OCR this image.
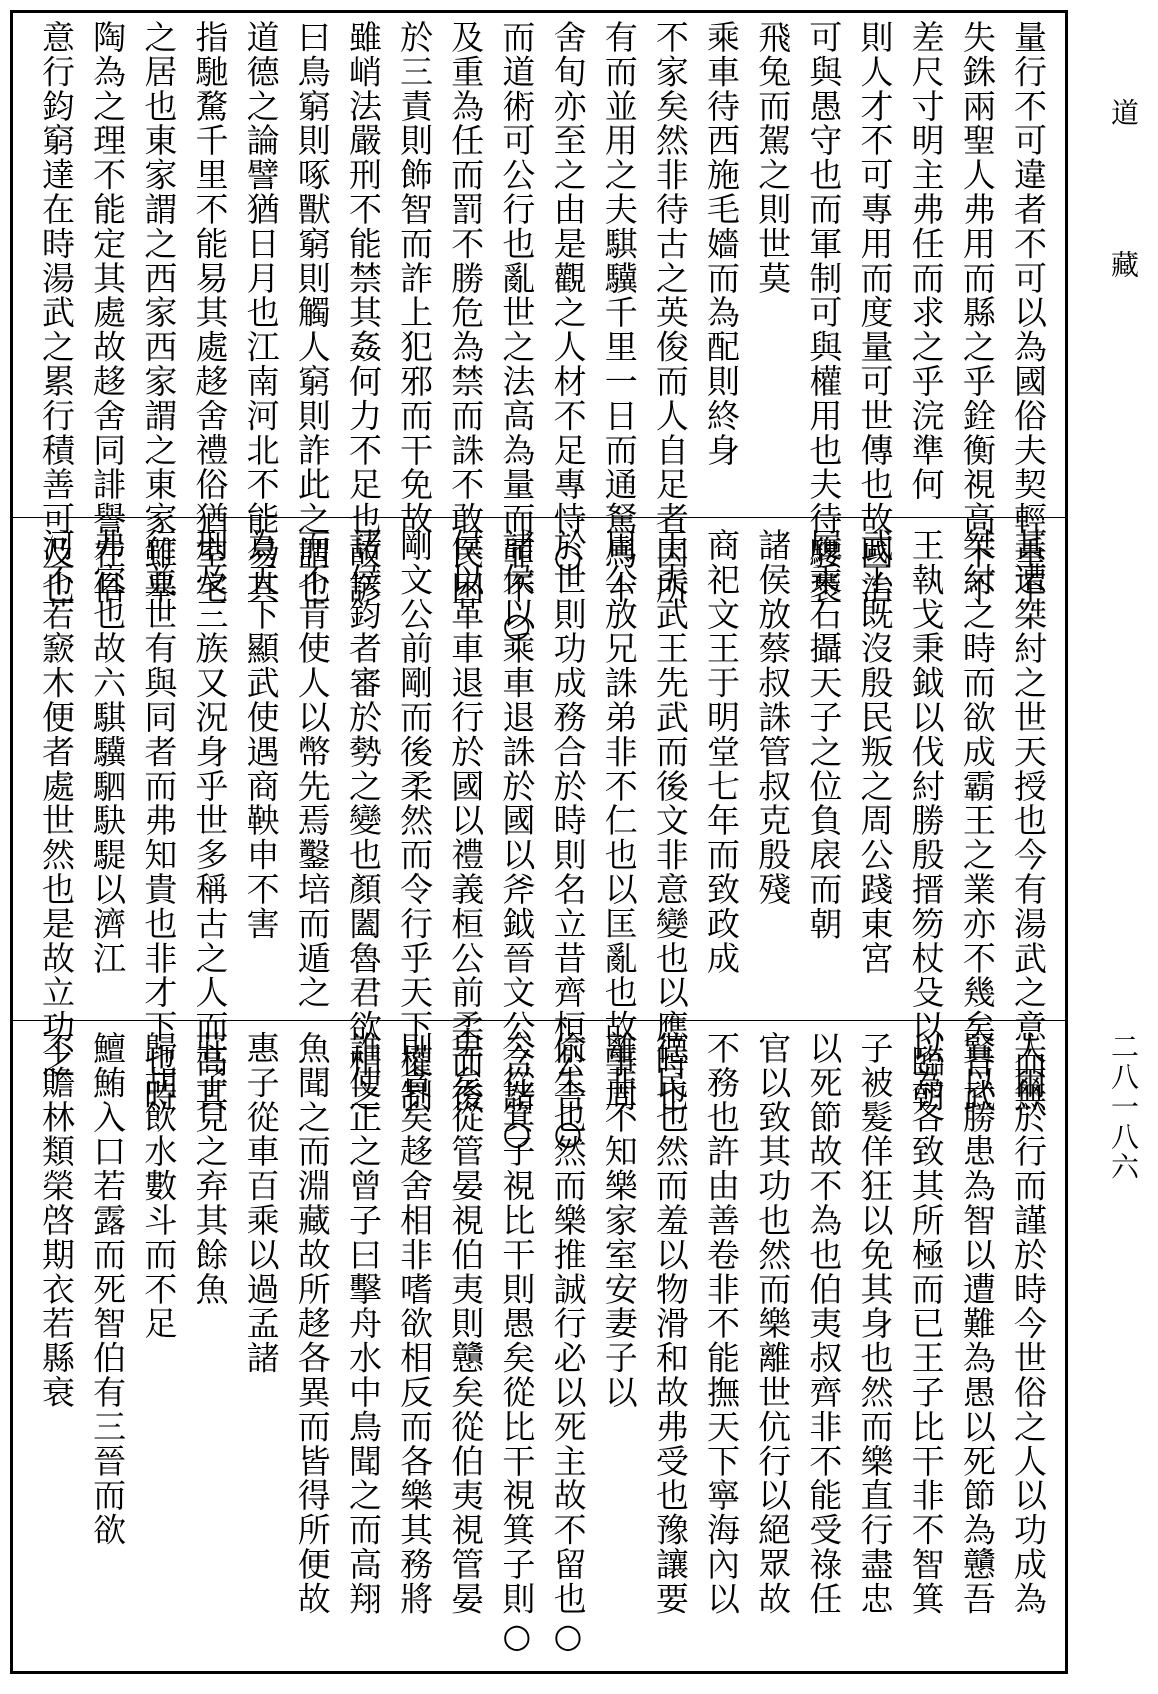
量行不可違者不可以為國俗夫契輕重不
失銖兩聖人弗用而縣之乎銓衡視高下不
差尺寸明主弗任而求之乎浣準何
則人才不可專用而度量可世傳也故國治
可與愚守也而軍制可與權用也夫待騕褭
飛兔而駕之則世莫
乘車待西施毛嬙而為配則終身
不家矣然非待古之英俊而人自足者因所
有而並用之夫騏驥千里一日而通駑馬十
舍旬亦至之由是觀之人材不足專恃○
而道術可公行也亂世之法高為量而罪不○
及重為任而罰不勝危為禁而誅不敢民困
於三責則飾智而詐上犯邪而干免故
雖峭法嚴刑不能禁其姦何力不足也故諺
曰鳥窮則啄獸窮則觸人窮則詐此之謂也
道德之論譬猶日月也江南河北不能易其
指馳騖千里不能易其處趍舍禮俗猶室宅
之居也東家謂之西家西家謂之東家雖皋
陶為之理不能定其處故趍舍同誹譽在俗
意行鈞窮達在時湯武之累行積善可及也
其遭桀紂之世天授也今有湯武之意而無
桀紂之時而欲成霸王之業亦不幾矣昔武
王執戈秉鉞以伐紂勝殷搢笏杖殳以臨朝
武王既沒殷民叛之周公踐東宮
履乘石攝天子之位負扆而朝
諸侯放蔡叔誅管叔克殷殘
商祀文王于明堂七年而致政成
王夫武王先武而後文非意變也以應時也
周公放兄誅弟非不仁也以匡亂也故事周
於世則功成務合於時則名立昔齊桓公合○
諸侯以乘車退誅於國以斧鉞晉文公合諸○
侯以革車退行於國以禮義桓公前柔而後
剛文公前剛而後柔然而令行乎天下權制
諸侯鈞者審於勢之變也顏闔魯君欲相之
而不肯使人以幣先焉鑿培而遁之
為天下顯武使遇商鞅申不害
刑及三族又況身乎世多稱古之人而高其
行並世有與同者而弗知貴也非才下也時
弗宜也故六騏驥駟駃騠以濟江
河不若窾木便者處世然也是故立功之
人爾於行而謹於時今世俗之人以功成為
賢以勝患為智以遭難為愚以死節為戇吾
以為各致其所極而已王子比干非不智箕
子被髮佯狂以免其身也然而樂直行盡忠
以死節故不為也伯夷叔齊非不能受祿任
官以致其功也然而樂離世伉行以絕眾故
不務也許由善卷非不能撫天下寧海內以
德民也然而羞以物滑和故弗受也豫讓要
離非不知樂家室安妻子以
偷生也然而樂推誠行必以死主故不留也○
今從箕子視比干則愚矣從比干視箕子則○
卑矣從管晏視伯夷則戇矣從伯夷視管晏
則貪矣趍舍相非嗜欲相反而各樂其務將
誰使正之曾子曰擊舟水中鳥聞之而高翔
魚聞之而淵藏故所趍各異而皆得所便故
惠子從車百乘以過孟諸
莊子見之弃其餘魚
歸胡飲水數斗而不足
鱣鮪入口若露而死智伯有三晉而欲
不贍林類榮啓期衣若縣衰
道　藏
二八一八六
